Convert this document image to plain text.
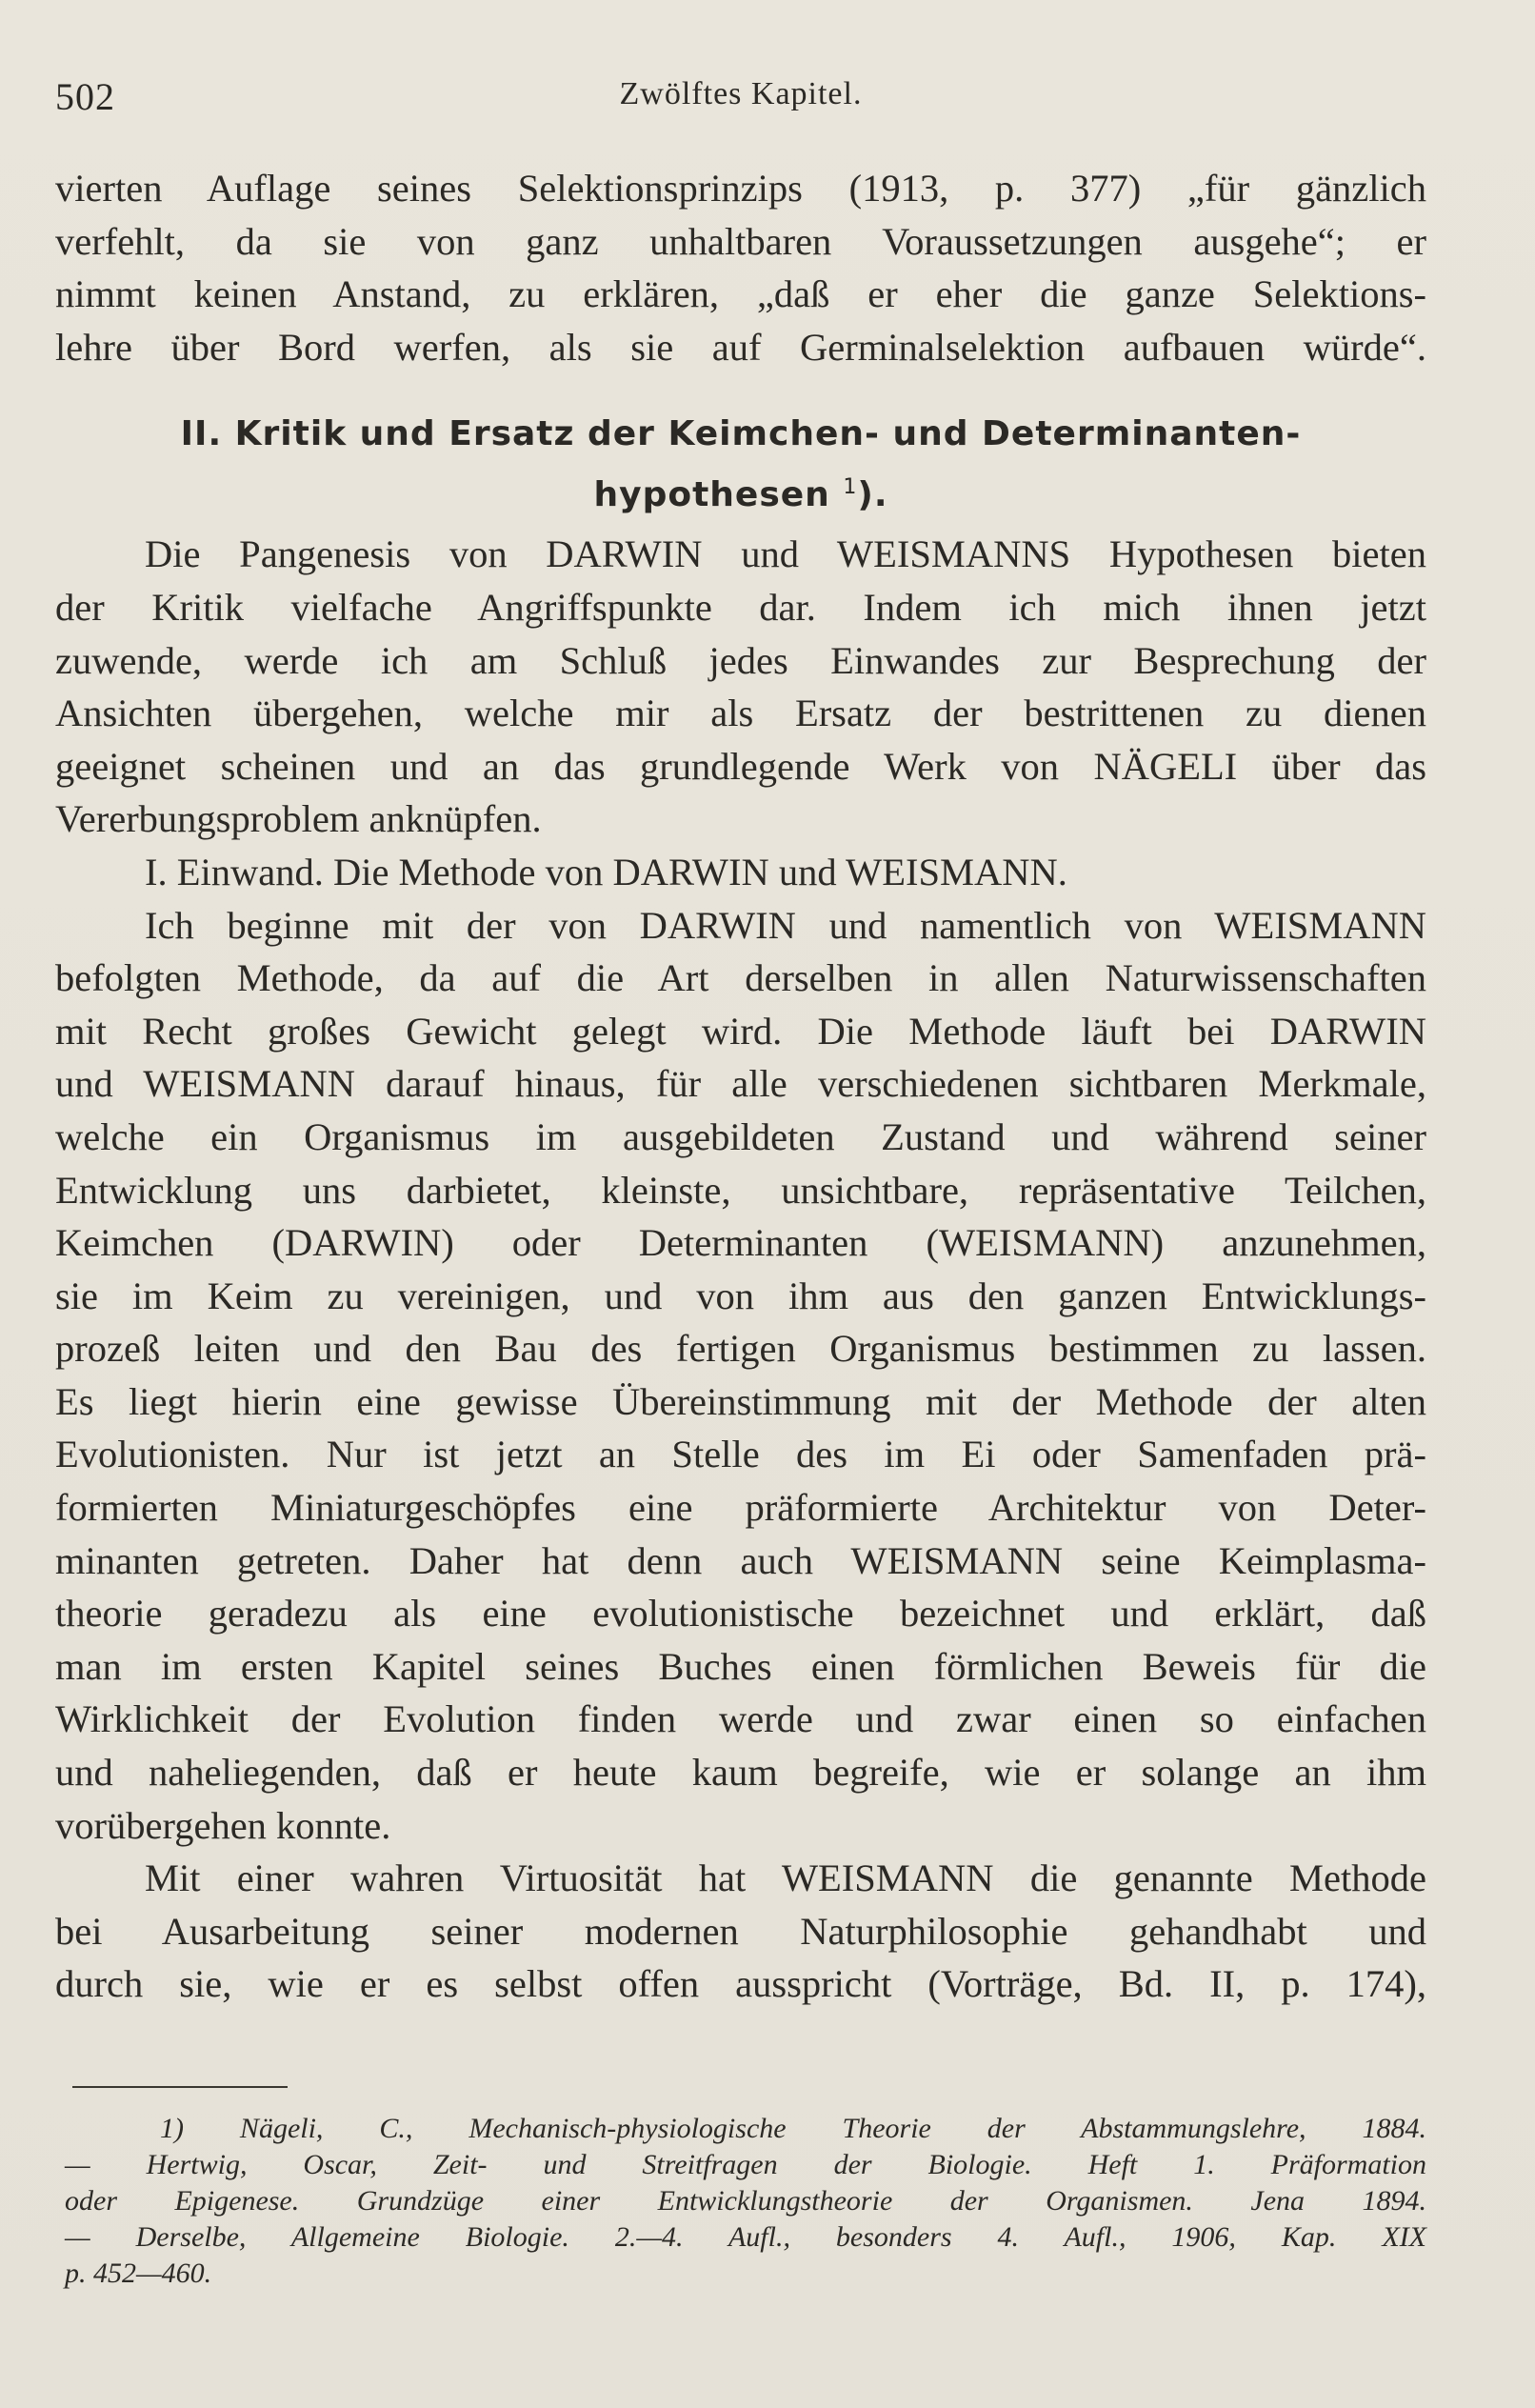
502	Zwölftes Kapitel.
vierten Auflage seines Selektionsprinzips (1913, p. 377) „für gänzlich
verfehlt, da sie von ganz unhaltbaren Voraussetzungen ausgehe“; er
nimmt keinen Anstand, zu erklären, „daß er eher die ganze Selektions-
lehre über Bord werfen, als sie auf Germinalselektion aufbauen würde“.
II. Kritik und Ersatz der Keimchen- und Determinanten-
hypothesen $^1$).
Die Pangenesis von DARWIN und WEISMANNS Hypothesen bieten
der Kritik vielfache Angriffspunkte dar. Indem ich mich ihnen jetzt
zuwende, werde ich am Schluß jedes Einwandes zur Besprechung der
Ansichten übergehen, welche mir als Ersatz der bestrittenen zu dienen
geeignet scheinen und an das grundlegende Werk von NÄGELI über das
Vererbungsproblem anknüpfen.
I. Einwand. Die Methode von DARWIN und WEISMANN.
Ich beginne mit der von DARWIN und namentlich von WEISMANN
befolgten Methode, da auf die Art derselben in allen Naturwissenschaften
mit Recht großes Gewicht gelegt wird. Die Methode läuft bei DARWIN
und WEISMANN darauf hinaus, für alle verschiedenen sichtbaren Merkmale,
welche ein Organismus im ausgebildeten Zustand und während seiner
Entwicklung uns darbietet, kleinste, unsichtbare, repräsentative Teilchen,
Keimchen (DARWIN) oder Determinanten (WEISMANN) anzunehmen,
sie im Keim zu vereinigen, und von ihm aus den ganzen Entwicklungs-
prozeß leiten und den Bau des fertigen Organismus bestimmen zu lassen.
Es liegt hierin eine gewisse Übereinstimmung mit der Methode der alten
Evolutionisten. Nur ist jetzt an Stelle des im Ei oder Samenfaden prä-
formierten Miniaturgeschöpfes eine präformierte Architektur von Deter-
minanten getreten. Daher hat denn auch WEISMANN seine Keimplasma-
theorie geradezu als eine evolutionistische bezeichnet und erklärt, daß
man im ersten Kapitel seines Buches einen förmlichen Beweis für die
Wirklichkeit der Evolution finden werde und zwar einen so einfachen
und naheliegenden, daß er heute kaum begreife, wie er solange an ihm
vorübergehen konnte.
Mit einer wahren Virtuosität hat WEISMANN die genannte Methode
bei Ausarbeitung seiner modernen Naturphilosophie gehandhabt und
durch sie, wie er es selbst offen ausspricht (Vorträge, Bd. II, p. 174),
1) Nägeli, C., Mechanisch-physiologische Theorie der Abstammungslehre, 1884.
— Hertwig, Oscar, Zeit- und Streitfragen der Biologie. Heft 1. Präformation
oder Epigenese. Grundzüge einer Entwicklungstheorie der Organismen. Jena 1894.
— Derselbe, Allgemeine Biologie. 2.—4. Aufl., besonders 4. Aufl., 1906, Kap. XIX
p. 452—460.
